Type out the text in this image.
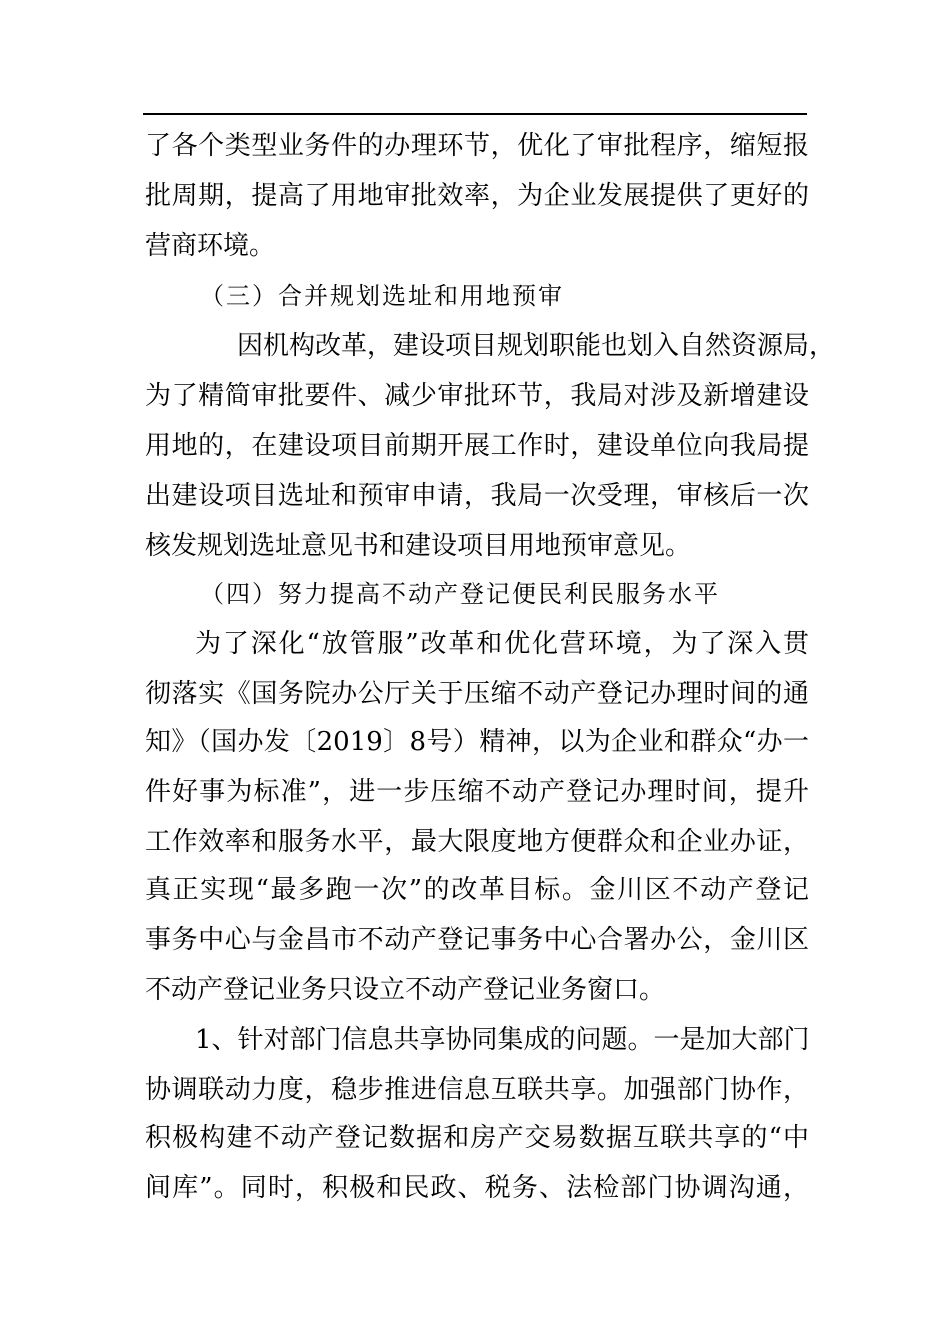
了各个类型业务件的办理环节，优化了审批程序，缩短报
批周期，提高了用地审批效率，为企业发展提供了更好的
营商环境。
（三）合并规划选址和用地预审
因机构改革，建设项目规划职能也划入自然资源局，
为了精简审批要件、减少审批环节，我局对涉及新增建设
用地的，在建设项目前期开展工作时，建设单位向我局提
出建设项目选址和预审申请，我局一次受理，审核后一次
核发规划选址意见书和建设项目用地预审意见。
（四）努力提高不动产登记便民利民服务水平
为了深化“放管服”改革和优化营环境，为了深入贯
彻落实《国务院办公厅关于压缩不动产登记办理时间的通
知》（国办发〔2019〕8号）精神，以为企业和群众“办一
件好事为标准”，进一步压缩不动产登记办理时间，提升
工作效率和服务水平，最大限度地方便群众和企业办证，
真正实现“最多跑一次”的改革目标。金川区不动产登记
事务中心与金昌市不动产登记事务中心合署办公，金川区
不动产登记业务只设立不动产登记业务窗口。
1、针对部门信息共享协同集成的问题。一是加大部门
协调联动力度，稳步推进信息互联共享。加强部门协作，
积极构建不动产登记数据和房产交易数据互联共享的“中
间库”。同时，积极和民政、税务、法检部门协调沟通，
